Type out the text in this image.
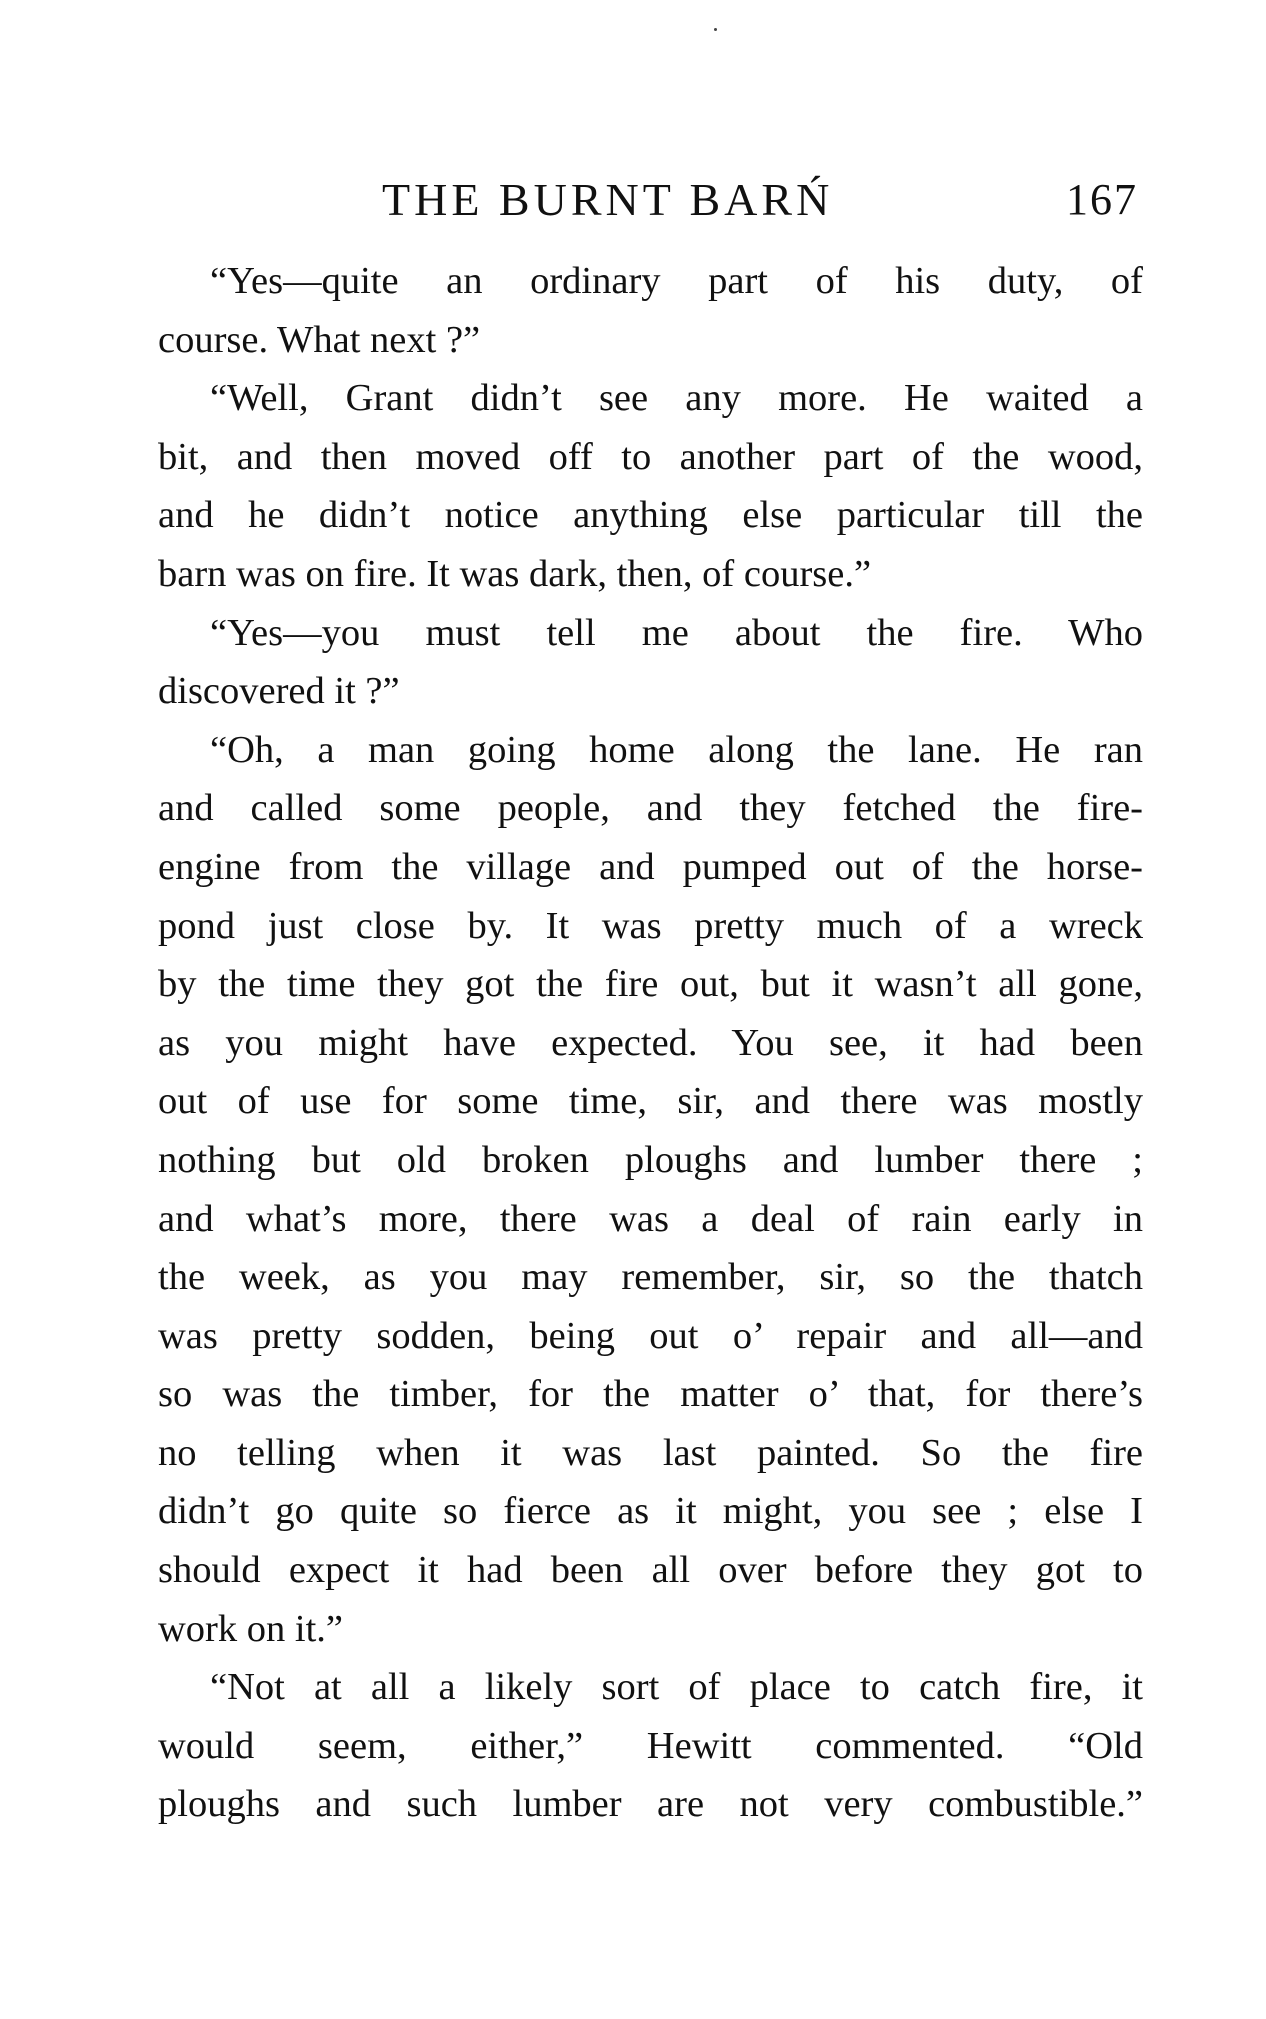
THE BURNT BARŃ	167
“Yes—quite an ordinary part of his duty, of
course. What next ?”
“Well, Grant didn’t see any more. He waited a
bit, and then moved off to another part of the wood,
and he didn’t notice anything else particular till the
barn was on fire. It was dark, then, of course.”
“Yes—you must tell me about the fire. Who
discovered it ?”
“Oh, a man going home along the lane. He ran
and called some people, and they fetched the fire-
engine from the village and pumped out of the horse-
pond just close by. It was pretty much of a wreck
by the time they got the fire out, but it wasn’t all gone,
as you might have expected. You see, it had been
out of use for some time, sir, and there was mostly
nothing but old broken ploughs and lumber there ;
and what’s more, there was a deal of rain early in
the week, as you may remember, sir, so the thatch
was pretty sodden, being out o’ repair and all—and
so was the timber, for the matter o’ that, for there’s
no telling when it was last painted. So the fire
didn’t go quite so fierce as it might, you see ; else I
should expect it had been all over before they got to
work on it.”
“Not at all a likely sort of place to catch fire, it
would seem, either,” Hewitt commented. “Old
ploughs and such lumber are not very combustible.”
